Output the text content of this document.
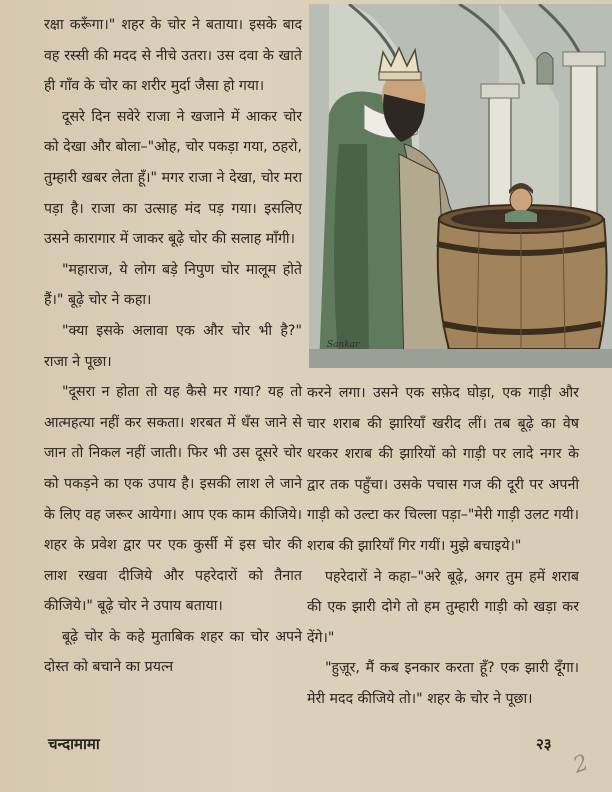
रक्षा करूँगा।" शहर के चोर ने बताया। इसके बाद वह रस्सी की मदद से नीचे उतरा। उस दवा के खाते ही गाँव के चोर का शरीर मुर्दा जैसा हो गया।

दूसरे दिन सवेरे राजा ने खजाने में आकर चोर को देखा और बोला–"ओह, चोर पकड़ा गया, ठहरो, तुम्हारी खबर लेता हूँ।" मगर राजा ने देखा, चोर मरा पड़ा है। राजा का उत्साह मंद पड़ गया। इसलिए उसने कारागार में जाकर बूढ़े चोर की सलाह माँगी।

"महाराज, ये लोग बड़े निपुण चोर मालूम होते हैं।" बूढ़े चोर ने कहा।

"क्या इसके अलावा एक और चोर भी है?" राजा ने पूछा।

"दूसरा न होता तो यह कैसे मर गया? यह तो आत्महत्या नहीं कर सकता। शरबत में धँस जाने से जान तो निकल नहीं जाती। फिर भी उस दूसरे चोर को पकड़ने का एक उपाय है। इसकी लाश ले जाने के लिए वह जरूर आयेगा। आप एक काम कीजिये। शहर के प्रवेश द्वार पर एक कुर्सी में इस चोर की लाश रखवा दीजिये और पहरेदारों को तैनात कीजिये।" बूढ़े चोर ने उपाय बताया।

बूढ़े चोर के कहे मुताबिक शहर का चोर अपने दोस्त को बचाने का प्रयत्न

Sankar

करने लगा। उसने एक सफ़ेद घोड़ा, एक गाड़ी और चार शराब की झारियाँ खरीद लीं। तब बूढ़े का वेष धरकर शराब की झारियों को गाड़ी पर लादे नगर के द्वार तक पहुँचा। उसके पचास गज की दूरी पर अपनी गाड़ी को उल्टा कर चिल्ला पड़ा–"मेरी गाड़ी उलट गयी। शराब की झारियाँ गिर गयीं। मुझे बचाइये।"

पहरेदारों ने कहा–"अरे बूढ़े, अगर तुम हमें शराब की एक झारी दोगे तो हम तुम्हारी गाड़ी को खड़ा कर देंगे।"

"हुज़ूर, मैं कब इनकार करता हूँ? एक झारी दूँगा। मेरी मदद कीजिये तो।" शहर के चोर ने पूछा।

चन्दामामा	२३
2
